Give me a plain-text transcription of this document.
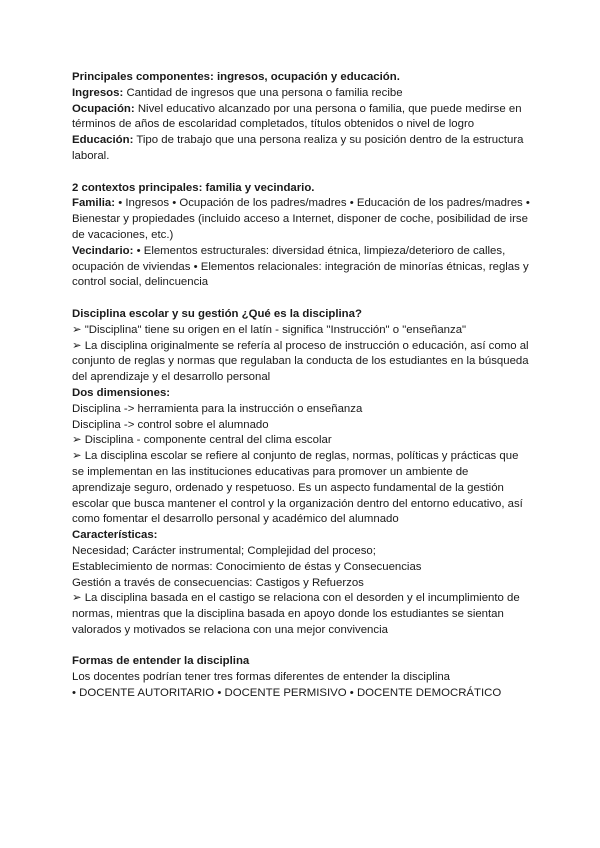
Principales componentes: ingresos, ocupación y educación.

Ingresos: Cantidad de ingresos que una persona o familia recibe

Ocupación: Nivel educativo alcanzado por una persona o familia, que puede medirse en términos de años de escolaridad completados, títulos obtenidos o nivel de logro

Educación: Tipo de trabajo que una persona realiza y su posición dentro de la estructura laboral.

2 contextos principales: familia y vecindario.

Familia: • Ingresos • Ocupación de los padres/madres • Educación de los padres/madres • Bienestar y propiedades (incluido acceso a Internet, disponer de coche, posibilidad de irse de vacaciones, etc.)

Vecindario: • Elementos estructurales: diversidad étnica, limpieza/deterioro de calles, ocupación de viviendas • Elementos relacionales: integración de minorías étnicas, reglas y control social, delincuencia

Disciplina escolar y su gestión ¿Qué es la disciplina?

➢ "Disciplina" tiene su origen en el latín - significa "Instrucción" o "enseñanza"

➢ La disciplina originalmente se refería al proceso de instrucción o educación, así como al conjunto de reglas y normas que regulaban la conducta de los estudiantes en la búsqueda del aprendizaje y el desarrollo personal

Dos dimensiones:

Disciplina -> herramienta para la instrucción o enseñanza

Disciplina -> control sobre el alumnado

➢ Disciplina - componente central del clima escolar

➢ La disciplina escolar se refiere al conjunto de reglas, normas, políticas y prácticas que se implementan en las instituciones educativas para promover un ambiente de aprendizaje seguro, ordenado y respetuoso. Es un aspecto fundamental de la gestión escolar que busca mantener el control y la organización dentro del entorno educativo, así como fomentar el desarrollo personal y académico del alumnado

Características:

Necesidad; Carácter instrumental; Complejidad del proceso;

Establecimiento de normas: Conocimiento de éstas y Consecuencias

Gestión a través de consecuencias: Castigos y Refuerzos

➢ La disciplina basada en el castigo se relaciona con el desorden y el incumplimiento de normas, mientras que la disciplina basada en apoyo donde los estudiantes se sientan valorados y motivados se relaciona con una mejor convivencia

Formas de entender la disciplina

Los docentes podrían tener tres formas diferentes de entender la disciplina

• DOCENTE AUTORITARIO • DOCENTE PERMISIVO • DOCENTE DEMOCRÁTICO
